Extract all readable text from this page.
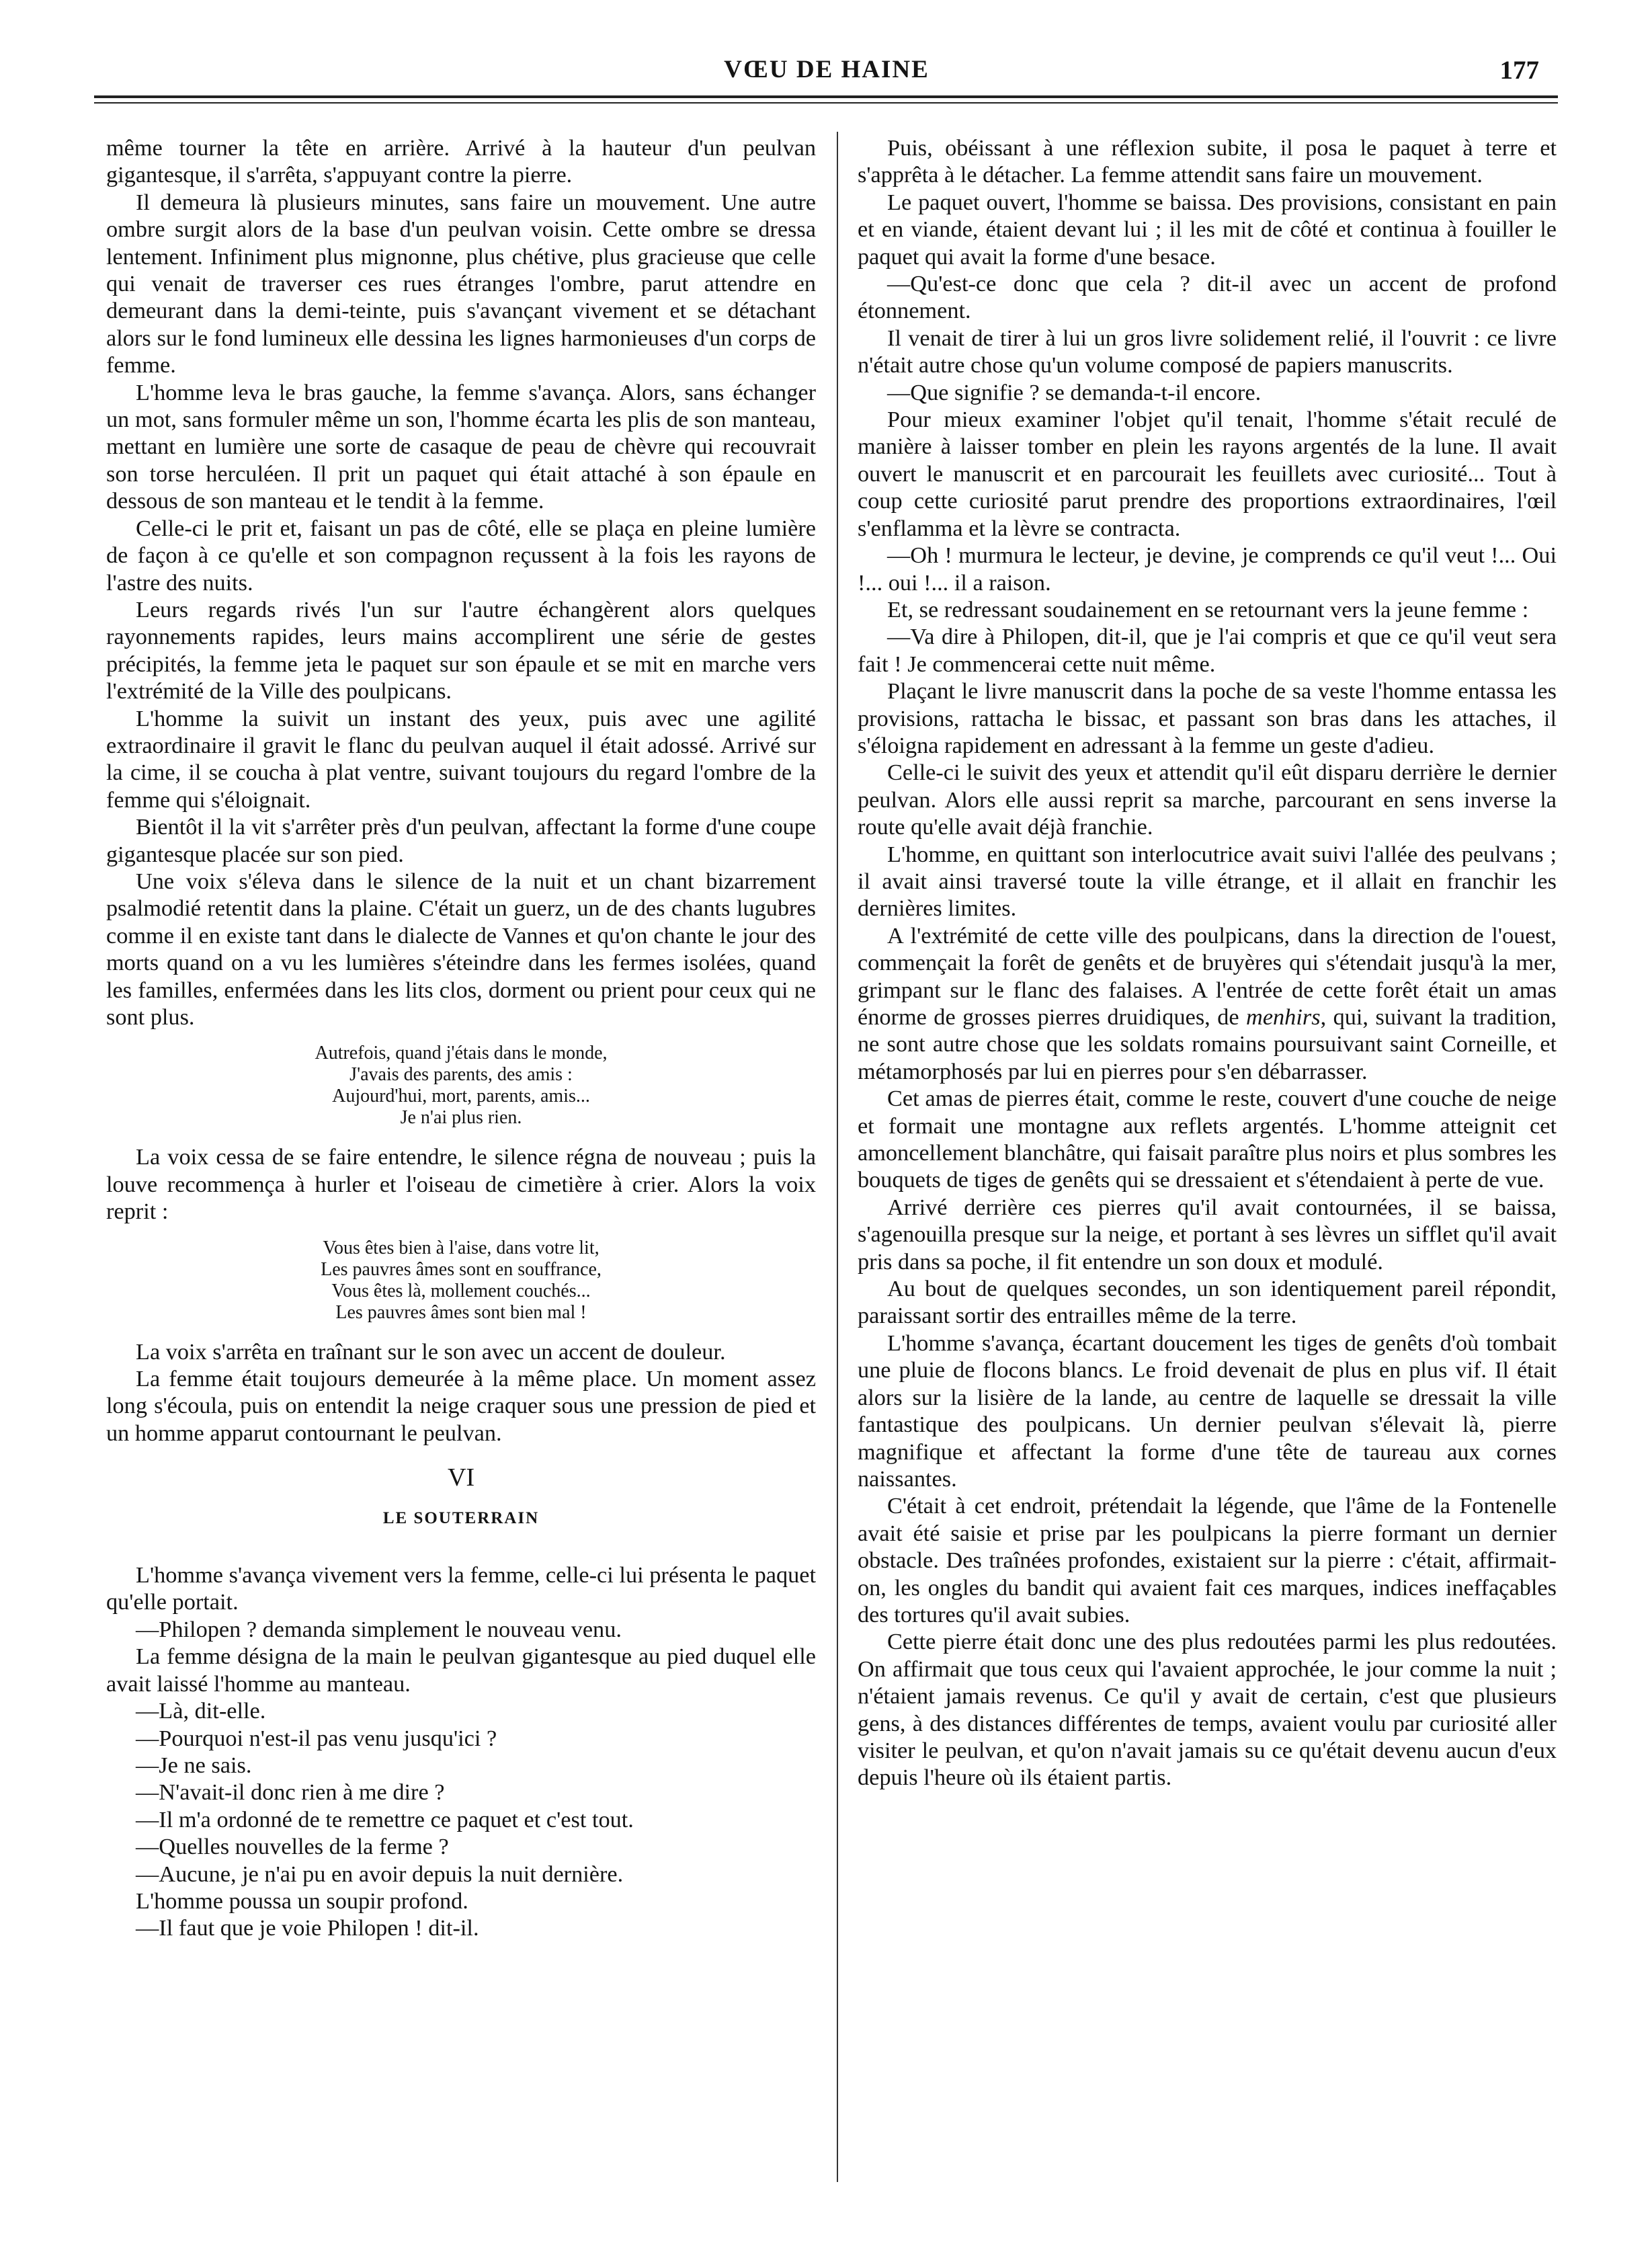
VŒU DE HAINE	177

même tourner la tête en arrière. Arrivé à la hauteur d'un peulvan gigantesque, il s'arrêta, s'appuyant contre la pierre.

Il demeura là plusieurs minutes, sans faire un mouvement. Une autre ombre surgit alors de la base d'un peulvan voisin. Cette ombre se dressa lentement. Infiniment plus mignonne, plus chétive, plus gracieuse que celle qui venait de traverser ces rues étranges l'ombre, parut attendre en demeurant dans la demi-teinte, puis s'avançant vivement et se détachant alors sur le fond lumineux elle dessina les lignes harmonieuses d'un corps de femme.

L'homme leva le bras gauche, la femme s'avança. Alors, sans échanger un mot, sans formuler même un son, l'homme écarta les plis de son manteau, mettant en lumière une sorte de casaque de peau de chèvre qui recouvrait son torse herculéen. Il prit un paquet qui était attaché à son épaule en dessous de son manteau et le tendit à la femme.

Celle-ci le prit et, faisant un pas de côté, elle se plaça en pleine lumière de façon à ce qu'elle et son compagnon reçussent à la fois les rayons de l'astre des nuits.

Leurs regards rivés l'un sur l'autre échangèrent alors quelques rayonnements rapides, leurs mains accomplirent une série de gestes précipités, la femme jeta le paquet sur son épaule et se mit en marche vers l'extrémité de la Ville des poulpicans.

L'homme la suivit un instant des yeux, puis avec une agilité extraordinaire il gravit le flanc du peulvan auquel il était adossé. Arrivé sur la cime, il se coucha à plat ventre, suivant toujours du regard l'ombre de la femme qui s'éloignait.

Bientôt il la vit s'arrêter près d'un peulvan, affectant la forme d'une coupe gigantesque placée sur son pied.

Une voix s'éleva dans le silence de la nuit et un chant bizarrement psalmodié retentit dans la plaine. C'était un guerz, un de des chants lugubres comme il en existe tant dans le dialecte de Vannes et qu'on chante le jour des morts quand on a vu les lumières s'éteindre dans les fermes isolées, quand les familles, enfermées dans les lits clos, dorment ou prient pour ceux qui ne sont plus.

Autrefois, quand j'étais dans le monde,
J'avais des parents, des amis :
Aujourd'hui, mort, parents, amis...
Je n'ai plus rien.

La voix cessa de se faire entendre, le silence régna de nouveau ; puis la louve recommença à hurler et l'oiseau de cimetière à crier. Alors la voix reprit :

Vous êtes bien à l'aise, dans votre lit,
Les pauvres âmes sont en souffrance,
Vous êtes là, mollement couchés...
Les pauvres âmes sont bien mal !

La voix s'arrêta en traînant sur le son avec un accent de douleur.

La femme était toujours demeurée à la même place. Un moment assez long s'écoula, puis on entendit la neige craquer sous une pression de pied et un homme apparut contournant le peulvan.

VI
LE SOUTERRAIN

L'homme s'avança vivement vers la femme, celle-ci lui présenta le paquet qu'elle portait.

—Philopen ? demanda simplement le nouveau venu.

La femme désigna de la main le peulvan gigantesque au pied duquel elle avait laissé l'homme au manteau.

—Là, dit-elle.

—Pourquoi n'est-il pas venu jusqu'ici ?

—Je ne sais.

—N'avait-il donc rien à me dire ?

—Il m'a ordonné de te remettre ce paquet et c'est tout.

—Quelles nouvelles de la ferme ?

—Aucune, je n'ai pu en avoir depuis la nuit dernière.

L'homme poussa un soupir profond.

—Il faut que je voie Philopen ! dit-il.

Puis, obéissant à une réflexion subite, il posa le paquet à terre et s'apprêta à le détacher. La femme attendit sans faire un mouvement.

Le paquet ouvert, l'homme se baissa. Des provisions, consistant en pain et en viande, étaient devant lui ; il les mit de côté et continua à fouiller le paquet qui avait la forme d'une besace.

—Qu'est-ce donc que cela ? dit-il avec un accent de profond étonnement.

Il venait de tirer à lui un gros livre solidement relié, il l'ouvrit : ce livre n'était autre chose qu'un volume composé de papiers manuscrits.

—Que signifie ? se demanda-t-il encore.

Pour mieux examiner l'objet qu'il tenait, l'homme s'était reculé de manière à laisser tomber en plein les rayons argentés de la lune. Il avait ouvert le manuscrit et en parcourait les feuillets avec curiosité... Tout à coup cette curiosité parut prendre des proportions extraordinaires, l'œil s'enflamma et la lèvre se contracta.

—Oh ! murmura le lecteur, je devine, je comprends ce qu'il veut !... Oui !... oui !... il a raison.

Et, se redressant soudainement en se retournant vers la jeune femme :

—Va dire à Philopen, dit-il, que je l'ai compris et que ce qu'il veut sera fait ! Je commencerai cette nuit même.

Plaçant le livre manuscrit dans la poche de sa veste l'homme entassa les provisions, rattacha le bissac, et passant son bras dans les attaches, il s'éloigna rapidement en adressant à la femme un geste d'adieu.

Celle-ci le suivit des yeux et attendit qu'il eût disparu derrière le dernier peulvan. Alors elle aussi reprit sa marche, parcourant en sens inverse la route qu'elle avait déjà franchie.

L'homme, en quittant son interlocutrice avait suivi l'allée des peulvans ; il avait ainsi traversé toute la ville étrange, et il allait en franchir les dernières limites.

A l'extrémité de cette ville des poulpicans, dans la direction de l'ouest, commençait la forêt de genêts et de bruyères qui s'étendait jusqu'à la mer, grimpant sur le flanc des falaises. A l'entrée de cette forêt était un amas énorme de grosses pierres druidiques, de menhirs, qui, suivant la tradition, ne sont autre chose que les soldats romains poursuivant saint Corneille, et métamorphosés par lui en pierres pour s'en débarrasser.

Cet amas de pierres était, comme le reste, couvert d'une couche de neige et formait une montagne aux reflets argentés. L'homme atteignit cet amoncellement blanchâtre, qui faisait paraître plus noirs et plus sombres les bouquets de tiges de genêts qui se dressaient et s'étendaient à perte de vue.

Arrivé derrière ces pierres qu'il avait contournées, il se baissa, s'agenouilla presque sur la neige, et portant à ses lèvres un sifflet qu'il avait pris dans sa poche, il fit entendre un son doux et modulé.

Au bout de quelques secondes, un son identiquement pareil répondit, paraissant sortir des entrailles même de la terre.

L'homme s'avança, écartant doucement les tiges de genêts d'où tombait une pluie de flocons blancs. Le froid devenait de plus en plus vif. Il était alors sur la lisière de la lande, au centre de laquelle se dressait la ville fantastique des poulpicans. Un dernier peulvan s'élevait là, pierre magnifique et affectant la forme d'une tête de taureau aux cornes naissantes.

C'était à cet endroit, prétendait la légende, que l'âme de la Fontenelle avait été saisie et prise par les poulpicans la pierre formant un dernier obstacle. Des traînées profondes, existaient sur la pierre : c'était, affirmait-on, les ongles du bandit qui avaient fait ces marques, indices ineffaçables des tortures qu'il avait subies.

Cette pierre était donc une des plus redoutées parmi les plus redoutées. On affirmait que tous ceux qui l'avaient approchée, le jour comme la nuit ; n'étaient jamais revenus. Ce qu'il y avait de certain, c'est que plusieurs gens, à des distances différentes de temps, avaient voulu par curiosité aller visiter le peulvan, et qu'on n'avait jamais su ce qu'était devenu aucun d'eux depuis l'heure où ils étaient partis.
